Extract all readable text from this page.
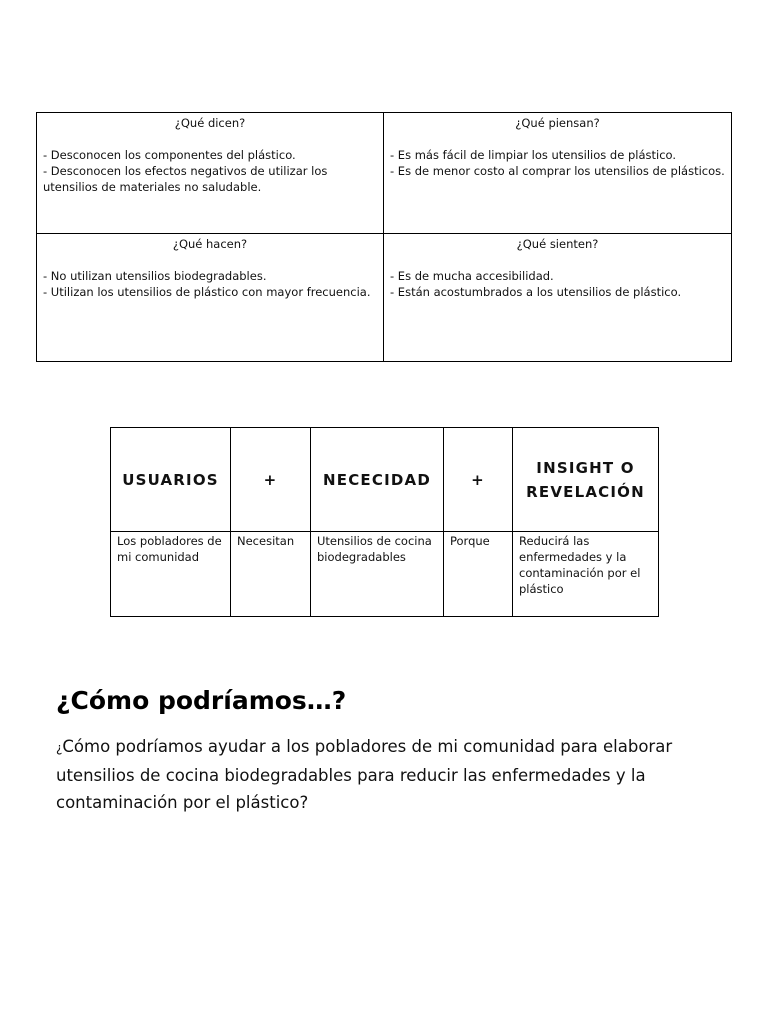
¿Qué dicen?

- Desconocen los componentes del plástico.

- Desconocen los efectos negativos de utilizar los utensilios de materiales no saludable.

¿Qué piensan?

- Es más fácil de limpiar los utensilios de plástico.

- Es de menor costo al comprar los utensilios de plásticos.

¿Qué hacen?

- No utilizan utensilios biodegradables.

- Utilizan los utensilios de plástico con mayor frecuencia.

¿Qué sienten?

- Es de mucha accesibilidad.

- Están acostumbrados a los utensilios de plástico.

USUARIOS	+	NECECIDAD	+	INSIGHT O REVELACIÓN
Los pobladores de mi comunidad	Necesitan	Utensilios de cocina biodegradables	Porque	Reducirá las enfermedades y la contaminación por el plástico
¿Cómo podríamos…?

¿Cómo podríamos ayudar a los pobladores de mi comunidad para elaborar utensilios de cocina biodegradables para reducir las enfermedades y la contaminación por el plástico?
